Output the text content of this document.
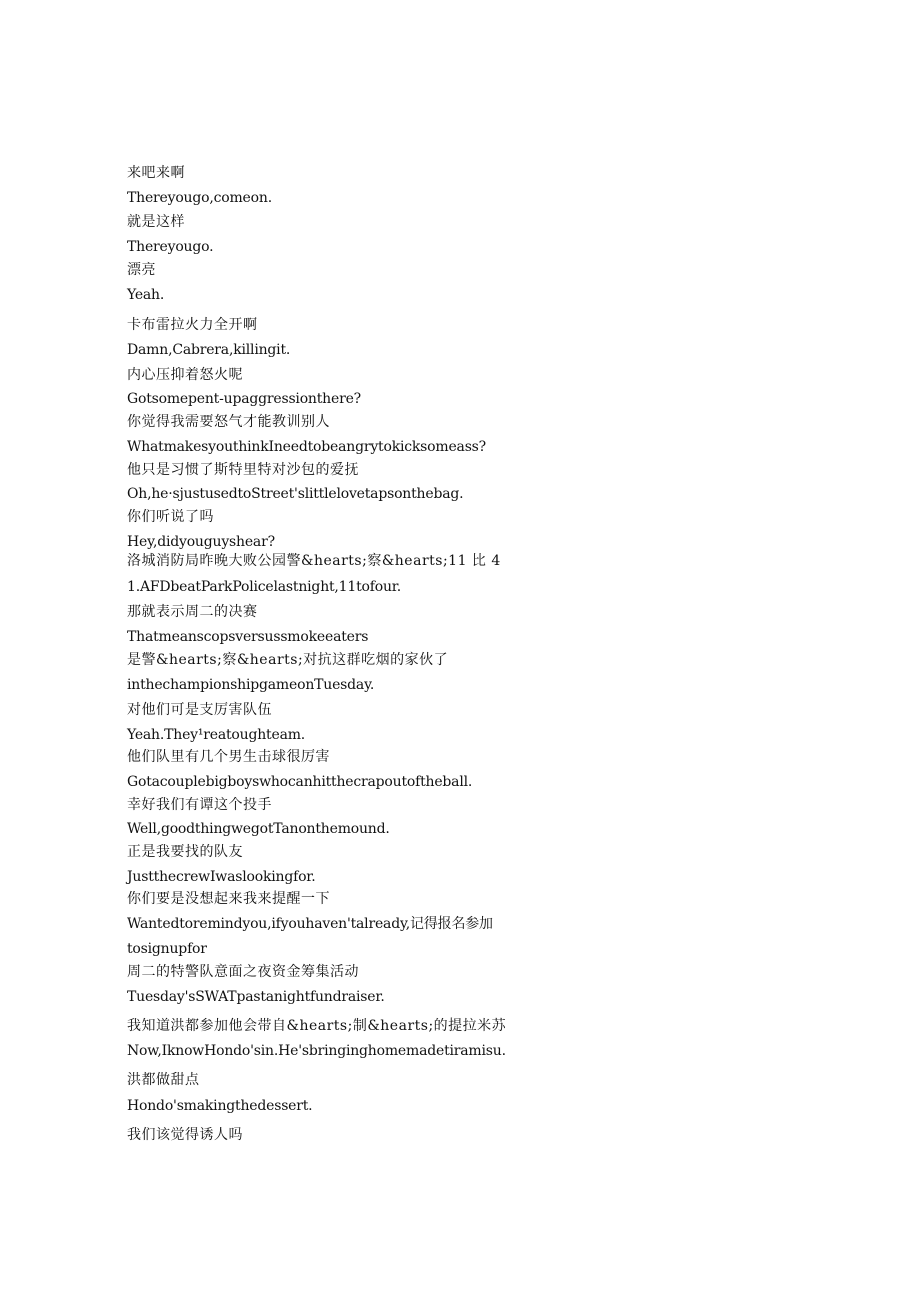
来吧来啊
Thereyougo,comeon.
就是这样
Thereyougo.
漂亮
Yeah.
卡布雷拉火力全开啊
Damn,Cabrera,killingit.
内心压抑着怒火呢
Gotsomepent-upaggressionthere?
你觉得我需要怒气才能教训别人
WhatmakesyouthinkIneedtobeangrytokicksomeass?
他只是习惯了斯特里特对沙包的爱抚
Oh,he·sjustusedtoStreet'slittlelovetapsonthebag.
你们听说了吗
Hey,didyouguyshear?
洛城消防局昨晚大败公园警&hearts;察&hearts;11 比 4
1.AFDbeatParkPolicelastnight,11tofour.
那就表示周二的决赛
Thatmeanscopsversussmokeeaters
是警&hearts;察&hearts;对抗这群吃烟的家伙了
inthechampionshipgameonTuesday.
对他们可是支厉害队伍
Yeah.They¹reatoughteam.
他们队里有几个男生击球很厉害
Gotacouplebigboyswhocanhitthecrapoutoftheball.
幸好我们有谭这个投手
Well,goodthingwegotTanonthemound.
正是我要找的队友
JustthecrewIwaslookingfor.
你们要是没想起来我来提醒一下
Wantedtoremindyou,ifyouhaven'talready,记得报名参加
tosignupfor
周二的特警队意面之夜资金筹集活动
Tuesday'sSWATpastanightfundraiser.
我知道洪都参加他会带自&hearts;制&hearts;的提拉米苏
Now,IknowHondo'sin.He'sbringinghomemadetiramisu.
洪都做甜点
Hondo'smakingthedessert.
我们该觉得诱人吗
